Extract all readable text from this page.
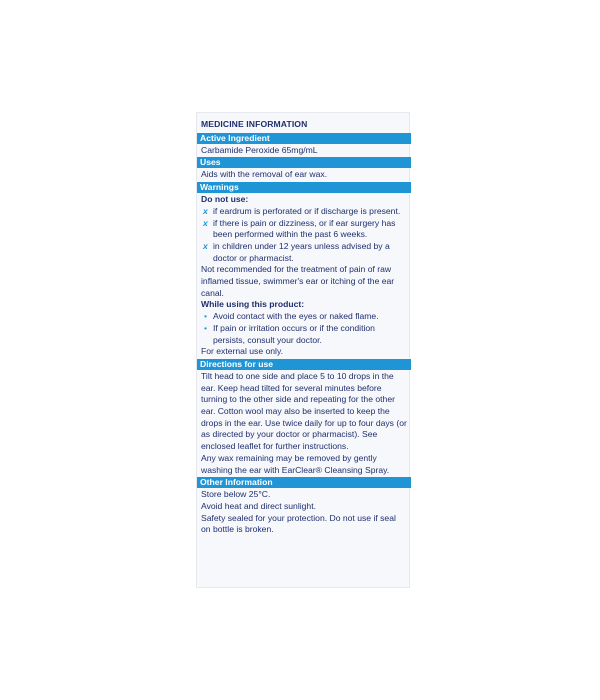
MEDICINE INFORMATION
Active Ingredient

Carbamide Peroxide 65mg/mL

Uses

Aids with the removal of ear wax.

Warnings

Do not use:

x if eardrum is perforated or if discharge is present.

x if there is pain or dizziness, or if ear surgery has been performed within the past 6 weeks.

x in children under 12 years unless advised by a doctor or pharmacist.

Not recommended for the treatment of pain of raw inflamed tissue, swimmer's ear or itching of the ear canal.

While using this product:

• Avoid contact with the eyes or naked flame.

• If pain or irritation occurs or if the condition persists, consult your doctor.

For external use only.

Directions for use

Tilt head to one side and place 5 to 10 drops in the ear. Keep head tilted for several minutes before turning to the other side and repeating for the other ear. Cotton wool may also be inserted to keep the drops in the ear. Use twice daily for up to four days (or as directed by your doctor or pharmacist). See enclosed leaflet for further instructions.

Any wax remaining may be removed by gently washing the ear with EarClear® Cleansing Spray.

Other Information

Store below 25°C.

Avoid heat and direct sunlight.

Safety sealed for your protection. Do not use if seal on bottle is broken.
